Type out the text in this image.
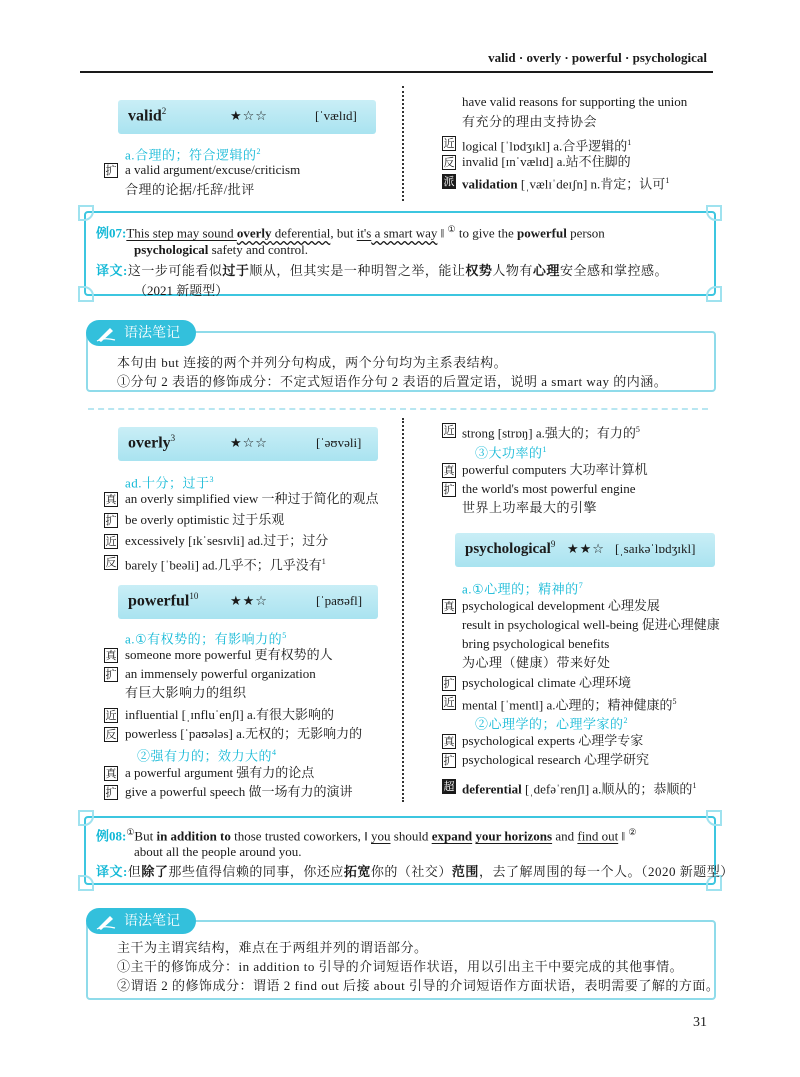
valid · overly · powerful · psychological
valid$^2$	★☆☆	[ˈvælɪd]
a.合理的；符合逻辑的$^2$
扩 a valid argument/excuse/criticism
合理的论据/托辞/批评
have valid reasons for supporting the union
有充分的理由支持协会
近 logical [ˈlɒdʒɪkl] a.合乎逻辑的$^1$
反 invalid [ɪnˈvælɪd] a.站不住脚的
派 validation [ˌvælɪˈdeɪʃn] n.肯定；认可$^1$
例07:This step may sound overly deferential, but it's a smart way ‖ ① to give the powerful person
psychological safety and control.
译文:这一步可能看似过于顺从，但其实是一种明智之举，能让权势人物有心理安全感和掌控感。
（2021 新题型）
语法笔记
本句由 but 连接的两个并列分句构成，两个分句均为主系表结构。
①分句 2 表语的修饰成分：不定式短语作分句 2 表语的后置定语，说明 a smart way 的内涵。
overly$^3$	★☆☆	[ˈəʊvəli]
ad.十分；过于$^3$
真 an overly simplified view 一种过于简化的观点
扩 be overly optimistic 过于乐观
近 excessively [ɪkˈsesɪvli] ad.过于；过分
反 barely [ˈbeəli] ad.几乎不；几乎没有$^1$
powerful$^{10}$ ★★☆	[ˈpaʊəfl]
a.①有权势的；有影响力的$^5$
真 someone more powerful 更有权势的人
扩 an immensely powerful organization
有巨大影响力的组织
近 influential [ˌɪnfluˈenʃl] a.有很大影响的
反 powerless [ˈpaʊələs] a.无权的；无影响力的
②强有力的；效力大的$^4$
真 a powerful argument 强有力的论点
扩 give a powerful speech 做一场有力的演讲
近 strong [strɒŋ] a.强大的；有力的$^5$
③大功率的$^1$
真 powerful computers 大功率计算机
扩 the world's most powerful engine
世界上功率最大的引擎
psychological$^9$ ★★☆ [ˌsaɪkəˈlɒdʒɪkl]
a.①心理的；精神的$^7$
真 psychological development 心理发展
result in psychological well-being 促进心理健康
bring psychological benefits
为心理（健康）带来好处
扩 psychological climate 心理环境
近 mental [ˈmentl] a.心理的；精神健康的$^5$
②心理学的；心理学家的$^2$
真 psychological experts 心理学专家
扩 psychological research 心理学研究
超 deferential [ˌdefəˈrenʃl] a.顺从的；恭顺的$^1$
例08:①But in addition to those trusted coworkers, ‖ you should expand your horizons and find out ‖ ②
about all the people around you.
译文:但除了那些值得信赖的同事，你还应拓宽你的（社交）范围，去了解周围的每一个人。（2020 新题型）
语法笔记
主干为主谓宾结构，难点在于两组并列的谓语部分。
①主干的修饰成分：in addition to 引导的介词短语作状语，用以引出主干中要完成的其他事情。
②谓语 2 的修饰成分：谓语 2 find out 后接 about 引导的介词短语作方面状语，表明需要了解的方面。
31
